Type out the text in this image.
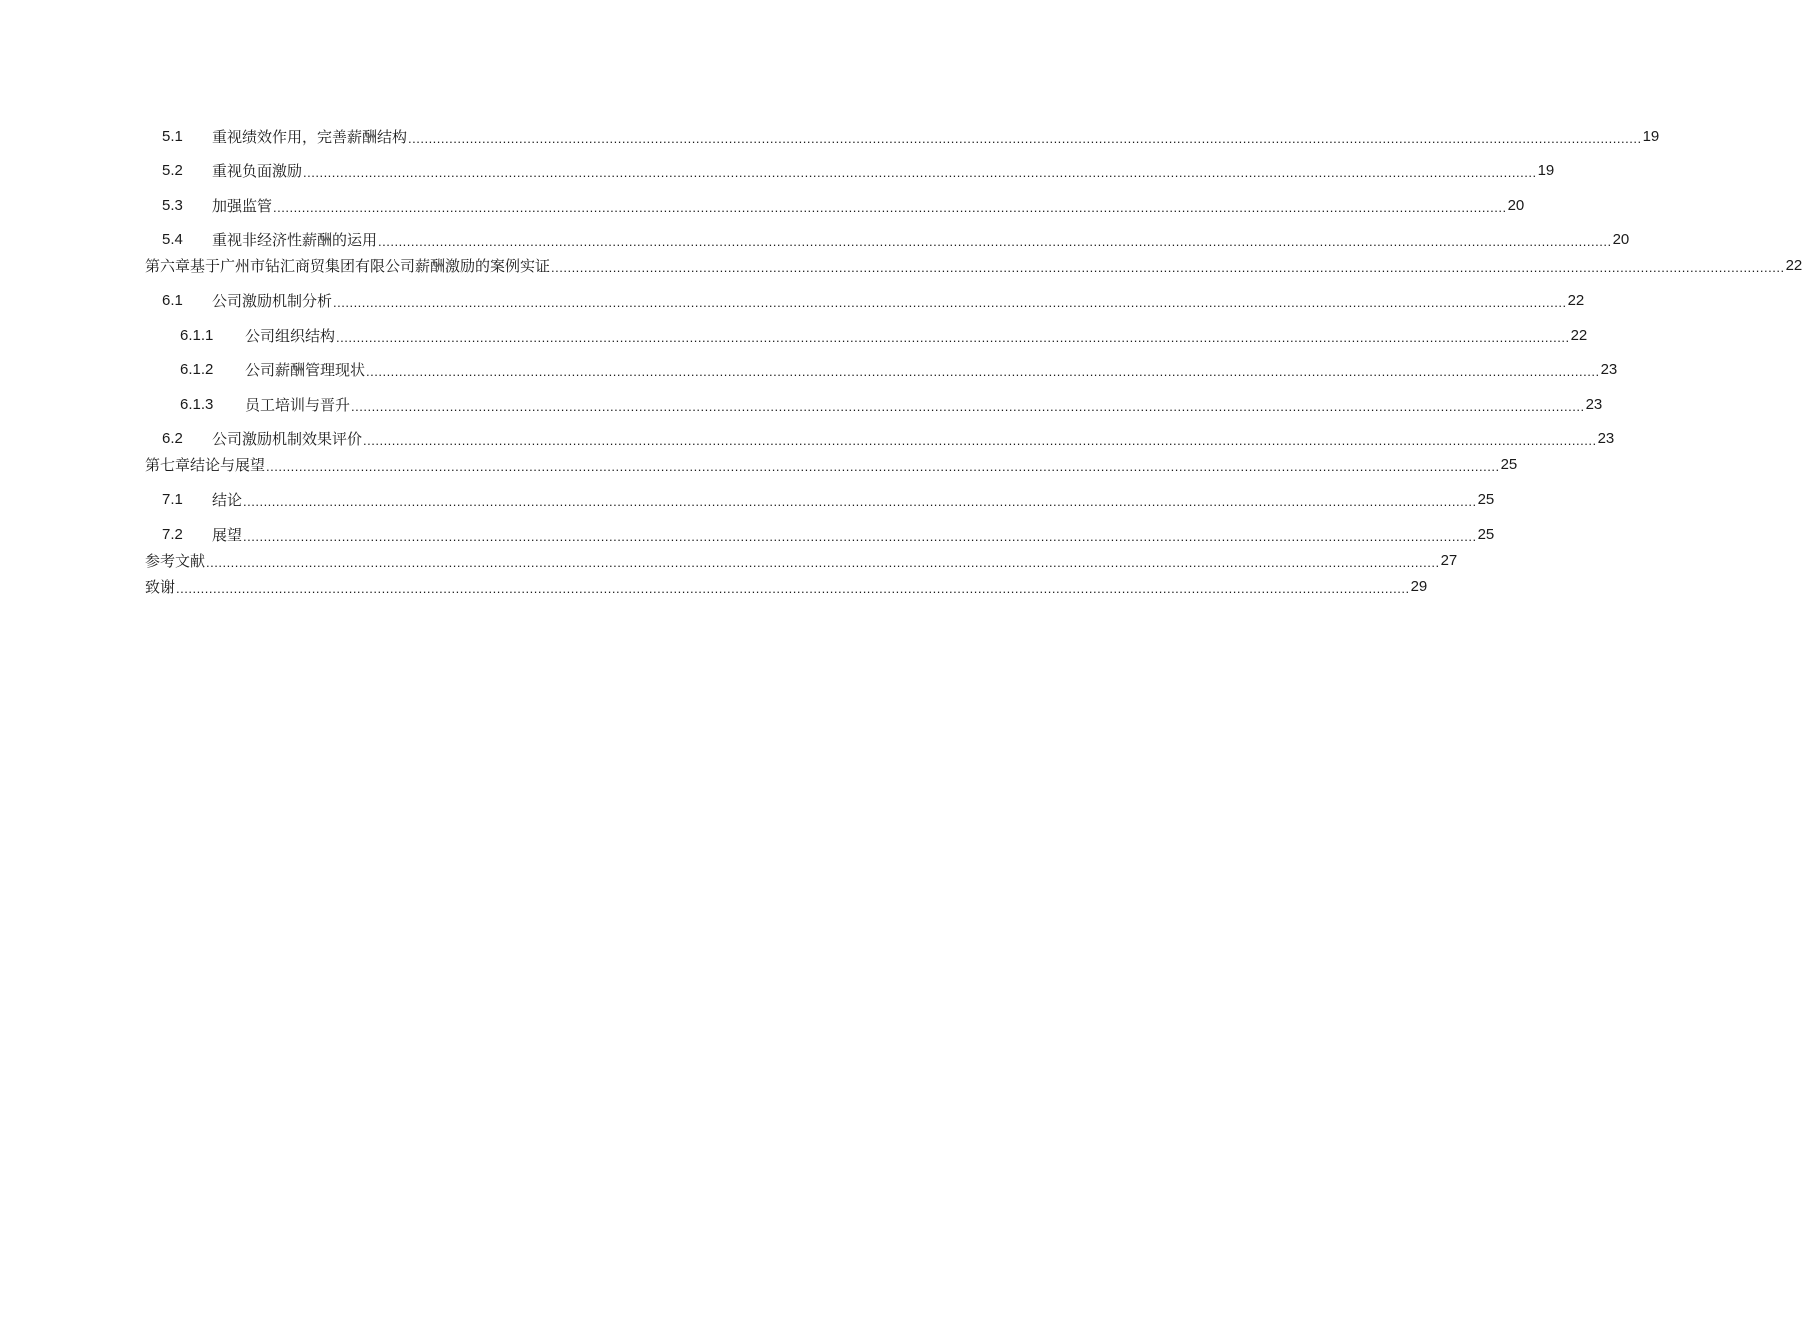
5.1	重视绩效作用，完善薪酬结构 ............................................................................................................................................................................................................................................................................................................ 19
5.2	重视负面激励 ............................................................................................................................................................................................................................................................................................................ 19
5.3	加强监管 ............................................................................................................................................................................................................................................................................................................ 20
5.4	重视非经济性薪酬的运用 ............................................................................................................................................................................................................................................................................................................ 20
第六章基于广州市钻汇商贸集团有限公司薪酬激励的案例实证 ............................................................................................................................................................................................................................................................................................................ 22
6.1	公司激励机制分析 ............................................................................................................................................................................................................................................................................................................ 22
6.1.1	公司组织结构 ............................................................................................................................................................................................................................................................................................................ 22
6.1.2	公司薪酬管理现状 ............................................................................................................................................................................................................................................................................................................ 23
6.1.3	员工培训与晋升 ............................................................................................................................................................................................................................................................................................................ 23
6.2	公司激励机制效果评价 ............................................................................................................................................................................................................................................................................................................ 23
第七章结论与展望 ............................................................................................................................................................................................................................................................................................................ 25
7.1	结论 ............................................................................................................................................................................................................................................................................................................ 25
7.2	展望 ............................................................................................................................................................................................................................................................................................................ 25
参考文献 ............................................................................................................................................................................................................................................................................................................ 27
致谢 ............................................................................................................................................................................................................................................................................................................ 29
